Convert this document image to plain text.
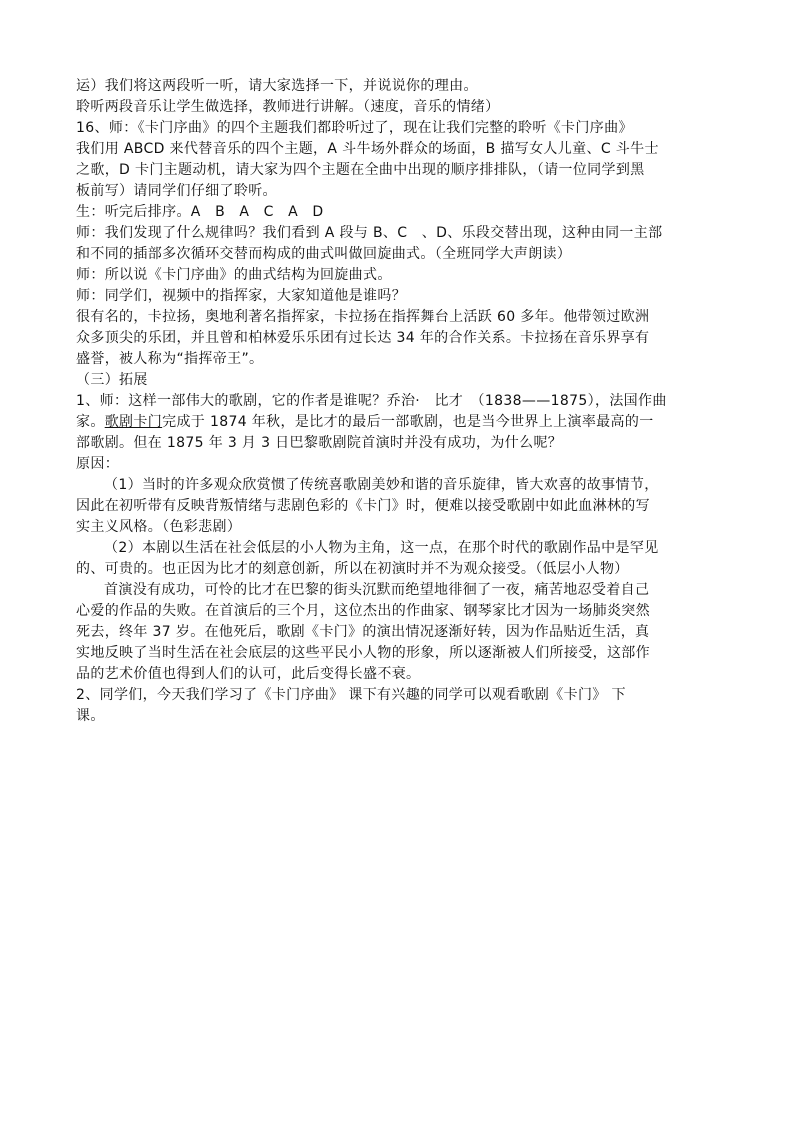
运）我们将这两段听一听，请大家选择一下，并说说你的理由。
聆听两段音乐让学生做选择，教师进行讲解。（速度，音乐的情绪）
16、师：《卡门序曲》的四个主题我们都聆听过了，现在让我们完整的聆听《卡门序曲》
我们用 ABCD 来代替音乐的四个主题，A 斗牛场外群众的场面，B 描写女人儿童、C 斗牛士
之歌，D 卡门主题动机，请大家为四个主题在全曲中出现的顺序排排队，（请一位同学到黑
板前写）请同学们仔细了聆听。
生：听完后排序。A　B　A　C　A　D
师：我们发现了什么规律吗？我们看到 A 段与 B、C　、D、乐段交替出现，这种由同一主部
和不同的插部多次循环交替而构成的曲式叫做回旋曲式。（全班同学大声朗读）
师：所以说《卡门序曲》的曲式结构为回旋曲式。
师：同学们，视频中的指挥家，大家知道他是谁吗？
很有名的，卡拉扬，奥地利著名指挥家，卡拉扬在指挥舞台上活跃 60 多年。他带领过欧洲
众多顶尖的乐团，并且曾和柏林爱乐乐团有过长达 34 年的合作关系。卡拉扬在音乐界享有
盛誉，被人称为“指挥帝王”。
（三）拓展
1、师：这样一部伟大的歌剧，它的作者是谁呢？乔治·　比才　（1838——1875），法国作曲
家。歌剧卡门完成于 1874 年秋，是比才的最后一部歌剧，也是当今世界上上演率最高的一
部歌剧。但在 1875 年 3 月 3 日巴黎歌剧院首演时并没有成功，为什么呢？
原因：
（1）当时的许多观众欣赏惯了传统喜歌剧美妙和谐的音乐旋律，皆大欢喜的故事情节，
因此在初听带有反映背叛情绪与悲剧色彩的《卡门》时，便难以接受歌剧中如此血淋林的写
实主义风格。（色彩悲剧）
（2）本剧以生活在社会低层的小人物为主角，这一点，在那个时代的歌剧作品中是罕见
的、可贵的。也正因为比才的刻意创新，所以在初演时并不为观众接受。（低层小人物）
首演没有成功，可怜的比才在巴黎的街头沉默而绝望地徘徊了一夜，痛苦地忍受着自己
心爱的作品的失败。在首演后的三个月，这位杰出的作曲家、钢琴家比才因为一场肺炎突然
死去，终年 37 岁。在他死后，歌剧《卡门》的演出情况逐渐好转，因为作品贴近生活，真
实地反映了当时生活在社会底层的这些平民小人物的形象，所以逐渐被人们所接受，这部作
品的艺术价值也得到人们的认可，此后变得长盛不衰。
2、同学们，今天我们学习了《卡门序曲》 课下有兴趣的同学可以观看歌剧《卡门》 下
课。
